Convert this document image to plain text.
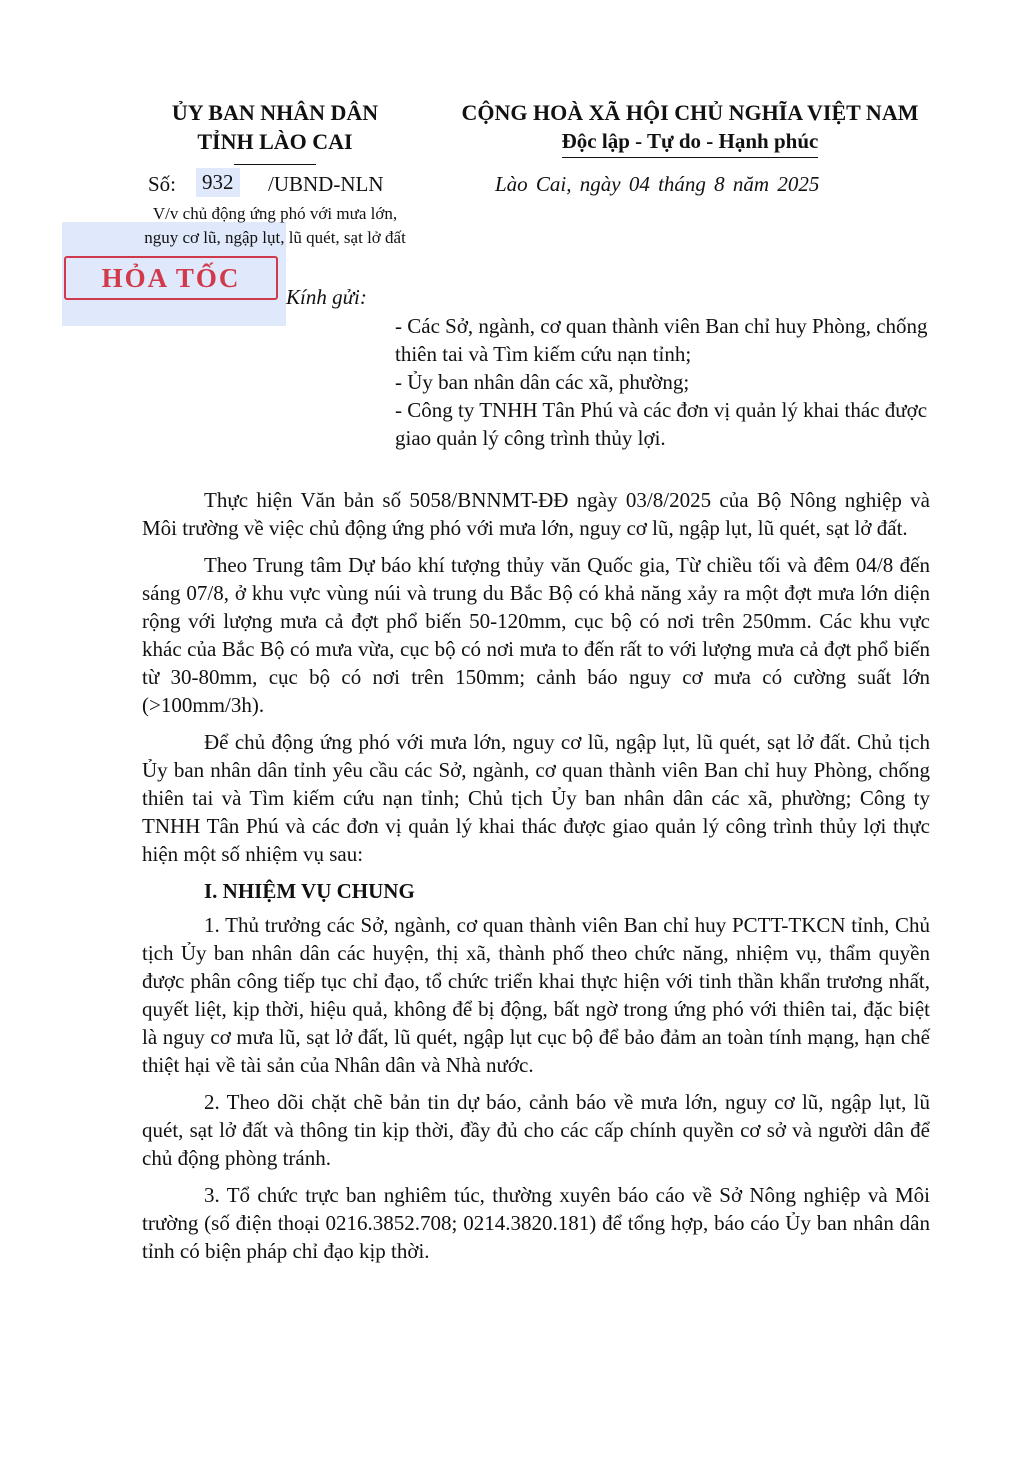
ỦY BAN NHÂN DÂN
TỈNH LÀO CAI
CỘNG HOÀ XÃ HỘI CHỦ NGHĨA VIỆT NAM
Độc lập - Tự do - Hạnh phúc
Số: 932 /UBND-NLN	Lào Cai, ngày 04 tháng 8 năm 2025
V/v chủ động ứng phó với mưa lớn,
nguy cơ lũ, ngập lụt, lũ quét, sạt lở đất
HỎA TỐC
Kính gửi:
- Các Sở, ngành, cơ quan thành viên Ban chỉ huy Phòng, chống thiên tai và Tìm kiếm cứu nạn tỉnh;
- Ủy ban nhân dân các xã, phường;
- Công ty TNHH Tân Phú và các đơn vị quản lý khai thác được giao quản lý công trình thủy lợi.

Thực hiện Văn bản số 5058/BNNMT-ĐĐ ngày 03/8/2025 của Bộ Nông nghiệp và Môi trường về việc chủ động ứng phó với mưa lớn, nguy cơ lũ, ngập lụt, lũ quét, sạt lở đất.

Theo Trung tâm Dự báo khí tượng thủy văn Quốc gia, Từ chiều tối và đêm 04/8 đến sáng 07/8, ở khu vực vùng núi và trung du Bắc Bộ có khả năng xảy ra một đợt mưa lớn diện rộng với lượng mưa cả đợt phổ biến 50-120mm, cục bộ có nơi trên 250mm. Các khu vực khác của Bắc Bộ có mưa vừa, cục bộ có nơi mưa to đến rất to với lượng mưa cả đợt phổ biến từ 30-80mm, cục bộ có nơi trên 150mm; cảnh báo nguy cơ mưa có cường suất lớn (>100mm/3h).

Để chủ động ứng phó với mưa lớn, nguy cơ lũ, ngập lụt, lũ quét, sạt lở đất. Chủ tịch Ủy ban nhân dân tỉnh yêu cầu các Sở, ngành, cơ quan thành viên Ban chỉ huy Phòng, chống thiên tai và Tìm kiếm cứu nạn tỉnh; Chủ tịch Ủy ban nhân dân các xã, phường; Công ty TNHH Tân Phú và các đơn vị quản lý khai thác được giao quản lý công trình thủy lợi thực hiện một số nhiệm vụ sau:

I. NHIỆM VỤ CHUNG

1. Thủ trưởng các Sở, ngành, cơ quan thành viên Ban chỉ huy PCTT-TKCN tỉnh, Chủ tịch Ủy ban nhân dân các huyện, thị xã, thành phố theo chức năng, nhiệm vụ, thẩm quyền được phân công tiếp tục chỉ đạo, tổ chức triển khai thực hiện với tinh thần khẩn trương nhất, quyết liệt, kịp thời, hiệu quả, không để bị động, bất ngờ trong ứng phó với thiên tai, đặc biệt là nguy cơ mưa lũ, sạt lở đất, lũ quét, ngập lụt cục bộ để bảo đảm an toàn tính mạng, hạn chế thiệt hại về tài sản của Nhân dân và Nhà nước.

2. Theo dõi chặt chẽ bản tin dự báo, cảnh báo về mưa lớn, nguy cơ lũ, ngập lụt, lũ quét, sạt lở đất và thông tin kịp thời, đầy đủ cho các cấp chính quyền cơ sở và người dân để chủ động phòng tránh.

3. Tổ chức trực ban nghiêm túc, thường xuyên báo cáo về Sở Nông nghiệp và Môi trường (số điện thoại 0216.3852.708; 0214.3820.181) để tổng hợp, báo cáo Ủy ban nhân dân tỉnh có biện pháp chỉ đạo kịp thời.
